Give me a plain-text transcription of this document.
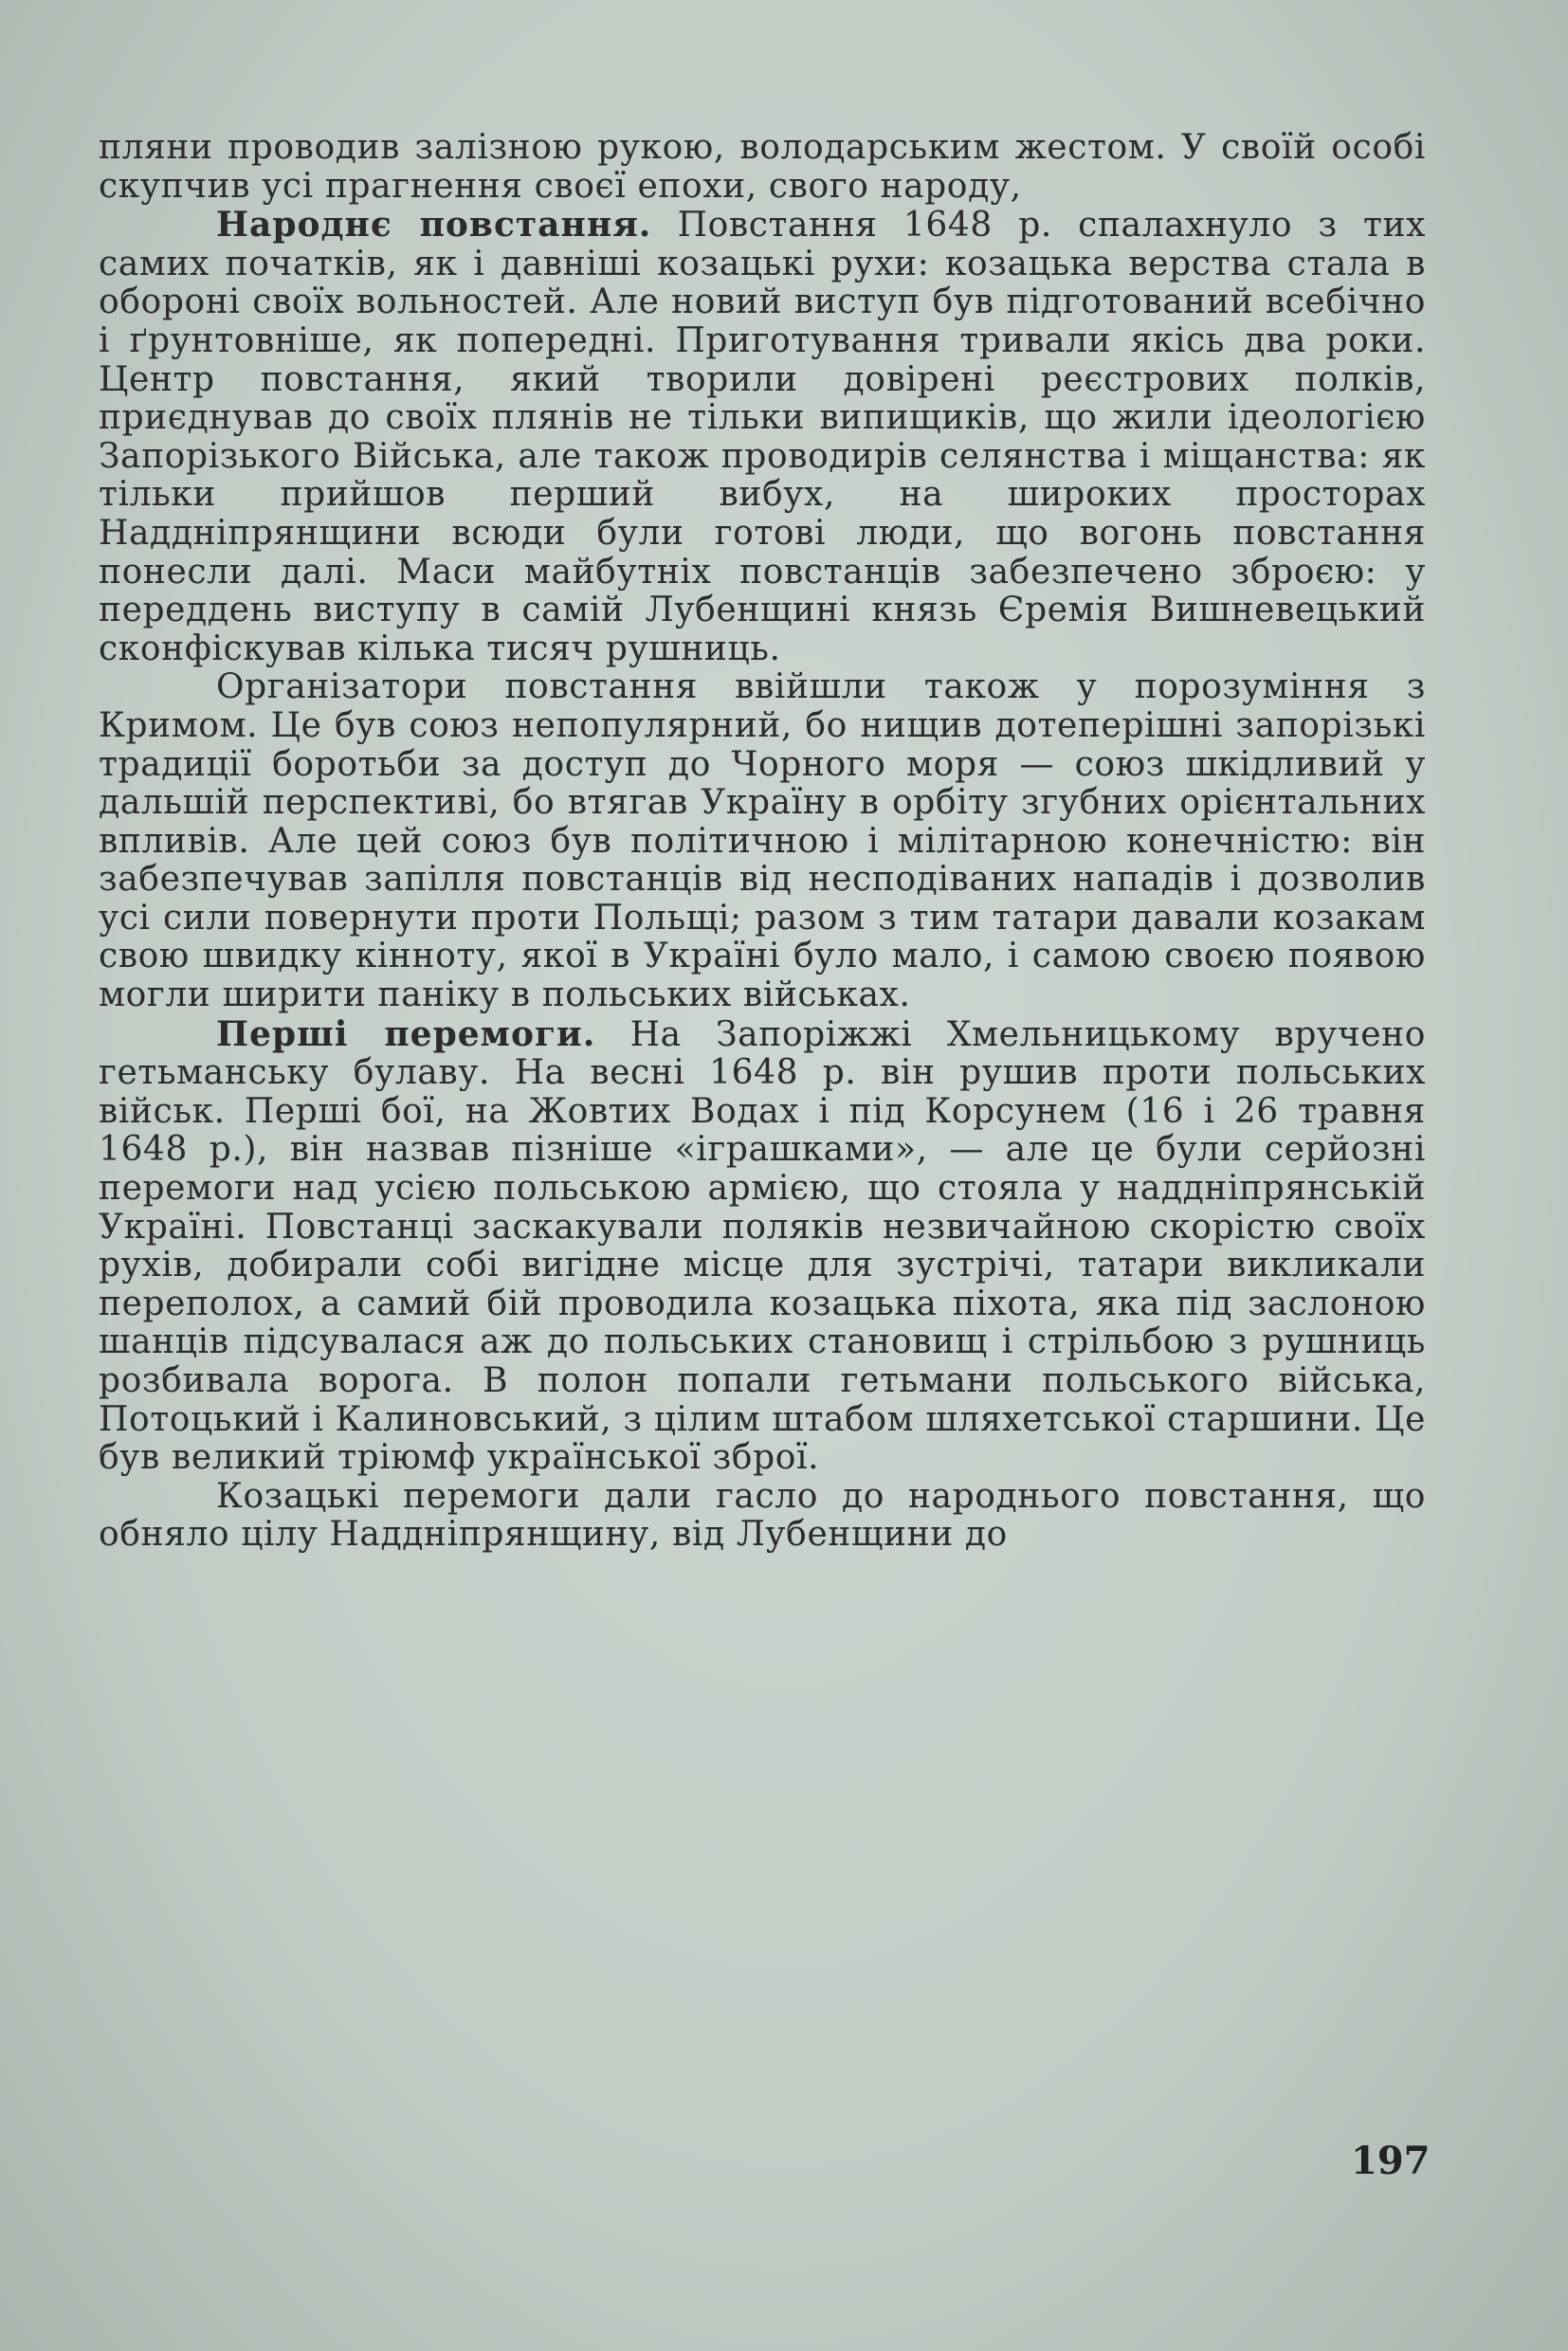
пляни проводив залізною рукою, володарським жестом. У своїй особі скупчив усі прагнення своєї епохи, свого народу,

Народнє повстання. Повстання 1648 р. спалахнуло з тих самих початків, як і давніші козацькі рухи: козацька верства стала в обороні своїх вольностей. Але новий виступ був підготований всебічно і ґрунтовніше, як попередні. Приготування тривали якісь два роки. Центр повстання, який творили довірені реєстрових полків, приєднував до своїх плянів не тільки випищиків, що жили ідеологією Запорізького Війська, але також проводирів селянства і міщанства: як тільки прийшов перший вибух, на широких просторах Наддніпрянщини всюди були готові люди, що вогонь повстання понесли далі. Маси майбутніх повстанців забезпечено зброєю: у переддень виступу в самій Лубенщині князь Єремія Вишневецький сконфіскував кілька тисяч рушниць.

Організатори повстання ввійшли також у порозуміння з Кримом. Це був союз непопулярний, бо нищив дотеперішні запорізькі традиції боротьби за доступ до Чорного моря — союз шкідливий у дальшій перспективі, бо втягав Україну в орбіту згубних орієнтальних впливів. Але цей союз був політичною і мілітарною конечністю: він забезпечував запілля повстанців від несподіваних нападів і дозволив усі сили повернути проти Польщі; разом з тим татари давали козакам свою швидку кінноту, якої в Україні було мало, і самою своєю появою могли ширити паніку в польських військах.

Перші перемоги. На Запоріжжі Хмельницькому вручено гетьманську булаву. На весні 1648 р. він рушив проти польських військ. Перші бої, на Жовтих Водах і під Корсунем (16 і 26 травня 1648 р.), він назвав пізніше «іграшками», — але це були серйозні перемоги над усією польською армією, що стояла у наддніпрянській Україні. Повстанці заскакували поляків незвичайною скорістю своїх рухів, добирали собі вигідне місце для зустрічі, татари викликали переполох, а самий бій проводила козацька піхота, яка під заслоною шанців підсувалася аж до польських становищ і стрільбою з рушниць розбивала ворога. В полон попали гетьмани польського війська, Потоцький і Калиновський, з цілим штабом шляхетської старшини. Це був великий тріюмф української зброї.

Козацькі перемоги дали гасло до народнього повстання, що обняло цілу Наддніпрянщину, від Лубенщини до

197
